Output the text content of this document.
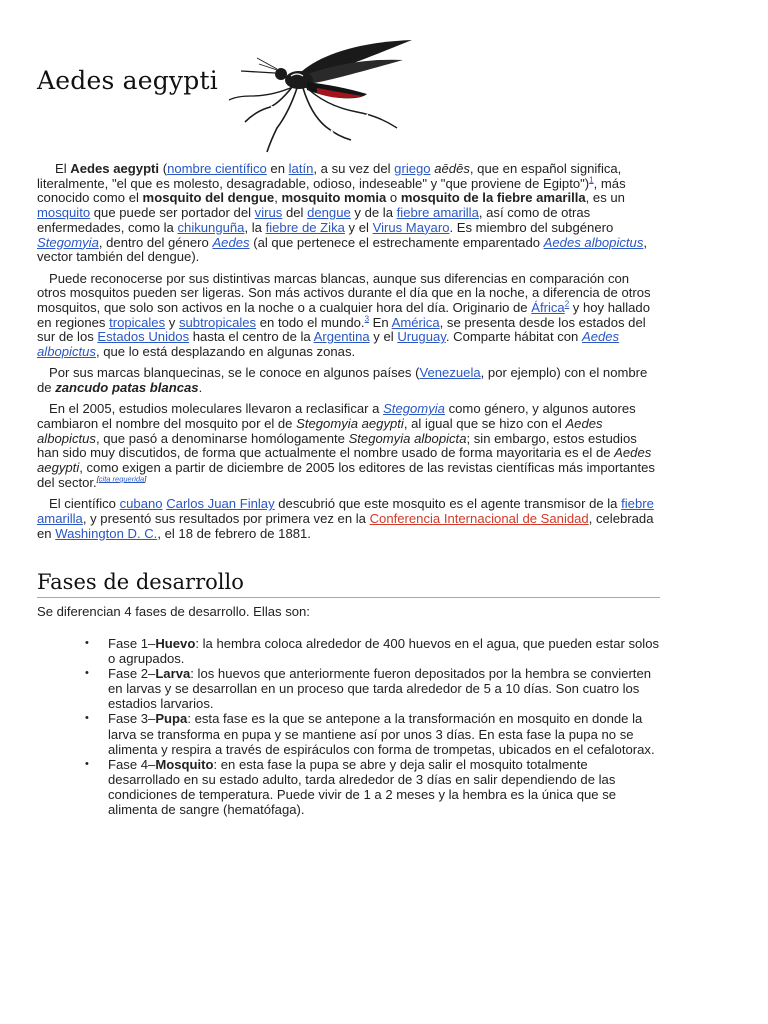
Aedes aegypti

El Aedes aegypti (nombre científico en latín, a su vez del griego aēdēs, que en español significa, literalmente, "el que es molesto, desagradable, odioso, indeseable" y "que proviene de Egipto")$^1$, más conocido como el mosquito del dengue, mosquito momia o mosquito de la fiebre amarilla, es un mosquito que puede ser portador del virus del dengue y de la fiebre amarilla, así como de otras enfermedades, como la chikunguña, la fiebre de Zika y el Virus Mayaro. Es miembro del subgénero Stegomyia, dentro del género Aedes (al que pertenece el estrechamente emparentado Aedes albopictus, vector también del dengue).

Puede reconocerse por sus distintivas marcas blancas, aunque sus diferencias en comparación con otros mosquitos pueden ser ligeras. Son más activos durante el día que en la noche, a diferencia de otros mosquitos, que solo son activos en la noche o a cualquier hora del día. Originario de África$^2$ y hoy hallado en regiones tropicales y subtropicales en todo el mundo.$^3$ En América, se presenta desde los estados del sur de los Estados Unidos hasta el centro de la Argentina y el Uruguay. Comparte hábitat con Aedes albopictus, que lo está desplazando en algunas zonas.

Por sus marcas blanquecinas, se le conoce en algunos países (Venezuela, por ejemplo) con el nombre de zancudo patas blancas.

En el 2005, estudios moleculares llevaron a reclasificar a Stegomyia como género, y algunos autores cambiaron el nombre del mosquito por el de Stegomyia aegypti, al igual que se hizo con el Aedes albopictus, que pasó a denominarse homólogamente Stegomyia albopicta; sin embargo, estos estudios han sido muy discutidos, de forma que actualmente el nombre usado de forma mayoritaria es el de Aedes aegypti, como exigen a partir de diciembre de 2005 los editores de las revistas científicas más importantes del sector.[cita requerida]

El científico cubano Carlos Juan Finlay descubrió que este mosquito es el agente transmisor de la fiebre amarilla, y presentó sus resultados por primera vez en la Conferencia Internacional de Sanidad, celebrada en Washington D. C., el 18 de febrero de 1881.

Fases de desarrollo
Se diferencian 4 fases de desarrollo. Ellas son:
• Fase 1–Huevo: la hembra coloca alrededor de 400 huevos en el agua, que pueden estar solos o agrupados.
• Fase 2–Larva: los huevos que anteriormente fueron depositados por la hembra se convierten en larvas y se desarrollan en un proceso que tarda alrededor de 5 a 10 días. Son cuatro los estadios larvarios.
• Fase 3–Pupa: esta fase es la que se antepone a la transformación en mosquito en donde la larva se transforma en pupa y se mantiene así por unos 3 días. En esta fase la pupa no se alimenta y respira a través de espiráculos con forma de trompetas, ubicados en el cefalotorax.
• Fase 4–Mosquito: en esta fase la pupa se abre y deja salir el mosquito totalmente desarrollado en su estado adulto, tarda alrededor de 3 días en salir dependiendo de las condiciones de temperatura. Puede vivir de 1 a 2 meses y la hembra es la única que se alimenta de sangre (hematófaga).
